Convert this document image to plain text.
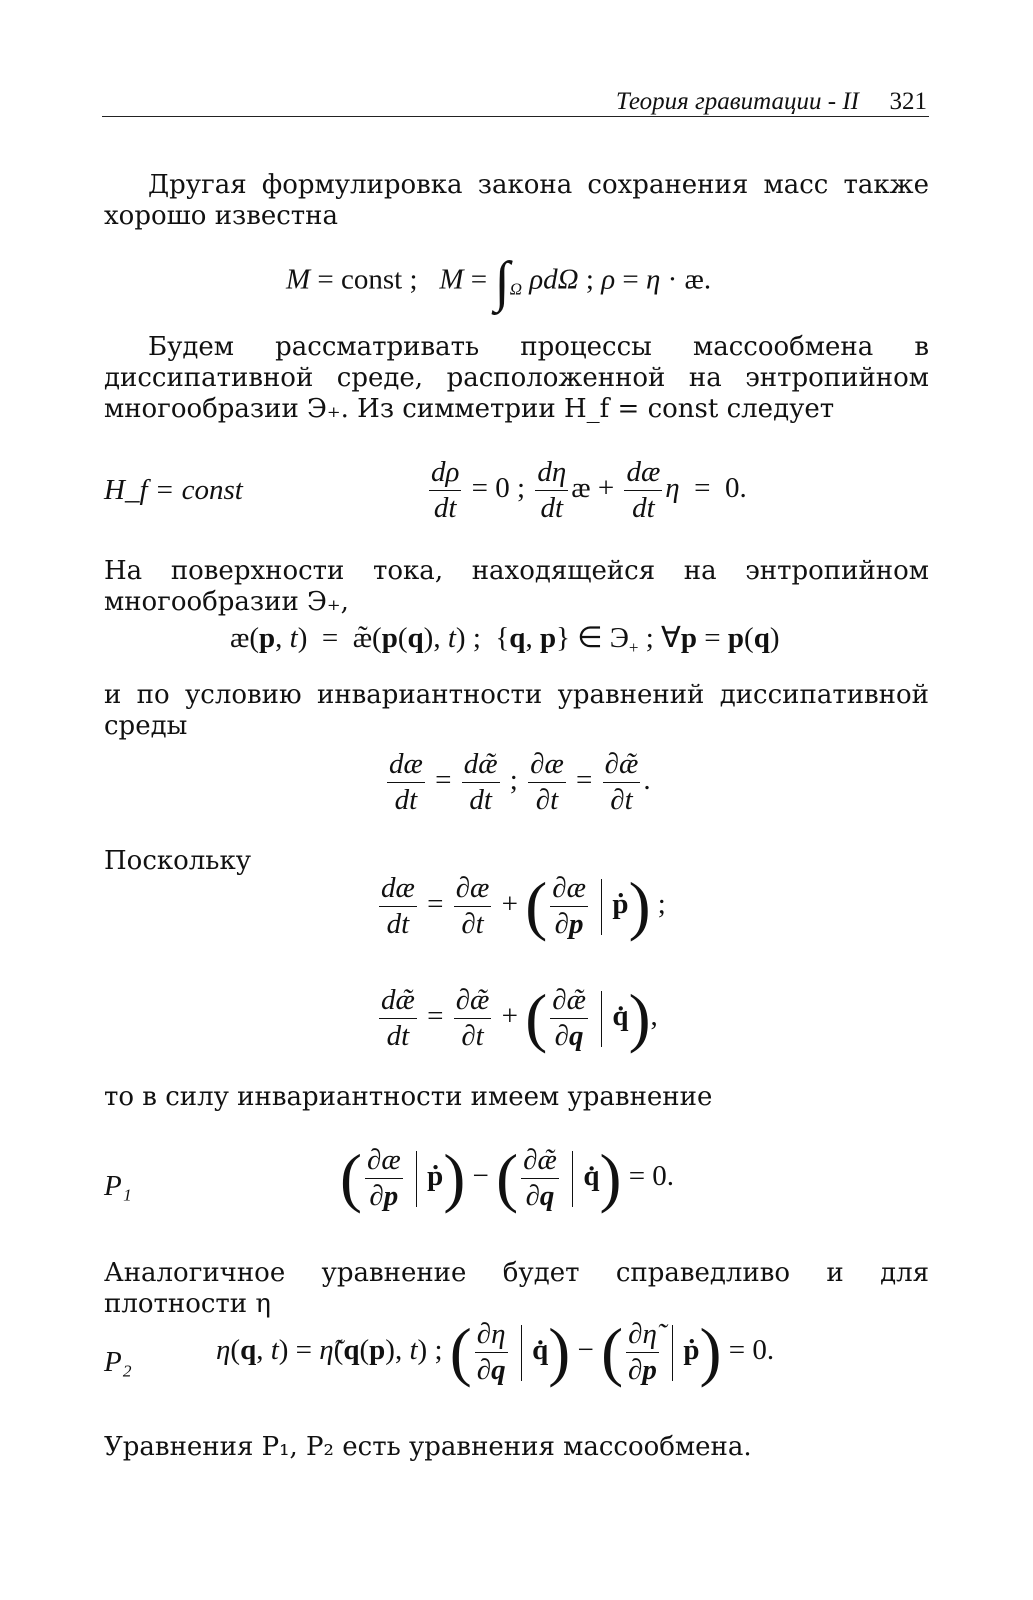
Теория гравитации - II 321
Другая формулировка закона сохранения масс также хорошо известна
M = const ;   $M = \int_\Omega$ ρdΩ ; ρ = η · æ.
Будем рассматривать процессы массообмена в диссипативной среде, расположенной на энтропийном многообразии Э₊. Из симметрии H_f = const следует
H_f = const	$\frac{d\rho}{dt} = 0$ ; $\frac{d\eta}{dt}$ æ + $\frac{dæ}{dt}$ η  =  0.
На поверхности тока, находящейся на энтропийном многообразии Э₊,
æ(p, t)  =  æ̃(p(q), t) ;  {q, p} ∈ $Э_+$ ; ∀p = p(q)
и по условию инвариантности уравнений диссипативной среды
$\frac{dæ}{dt} = \frac{dæ̃}{dt}$ ; $\frac{\partial æ}{\partial t} = \frac{\partial æ̃}{\partial t}$ .
Поскольку
$\frac{dæ}{dt} = \frac{\partial æ}{\partial t}$ + ( $\frac{\partial æ}{\partial p}$ ṗ) ;
$\frac{dæ̃}{dt} = \frac{\partial æ̃}{\partial t}$ + ( $\frac{\partial æ̃}{\partial q}$ q̇),
то в силу инвариантности имеем уравнение
P₁	( $\frac{\partial æ}{\partial p}$ ṗ) − ( $\frac{\partial æ̃}{\partial q}$ q̇) = 0.
Аналогичное уравнение будет справедливо и для плотности η
P₂	η(q, t) = η̃(q(p), t) ; ( $\frac{\partial\eta}{\partial q}$ q̇) − ( $\frac{\partial\etã}{\partial p}$ ṗ) = 0.
Уравнения P₁, P₂ есть уравнения массообмена.
